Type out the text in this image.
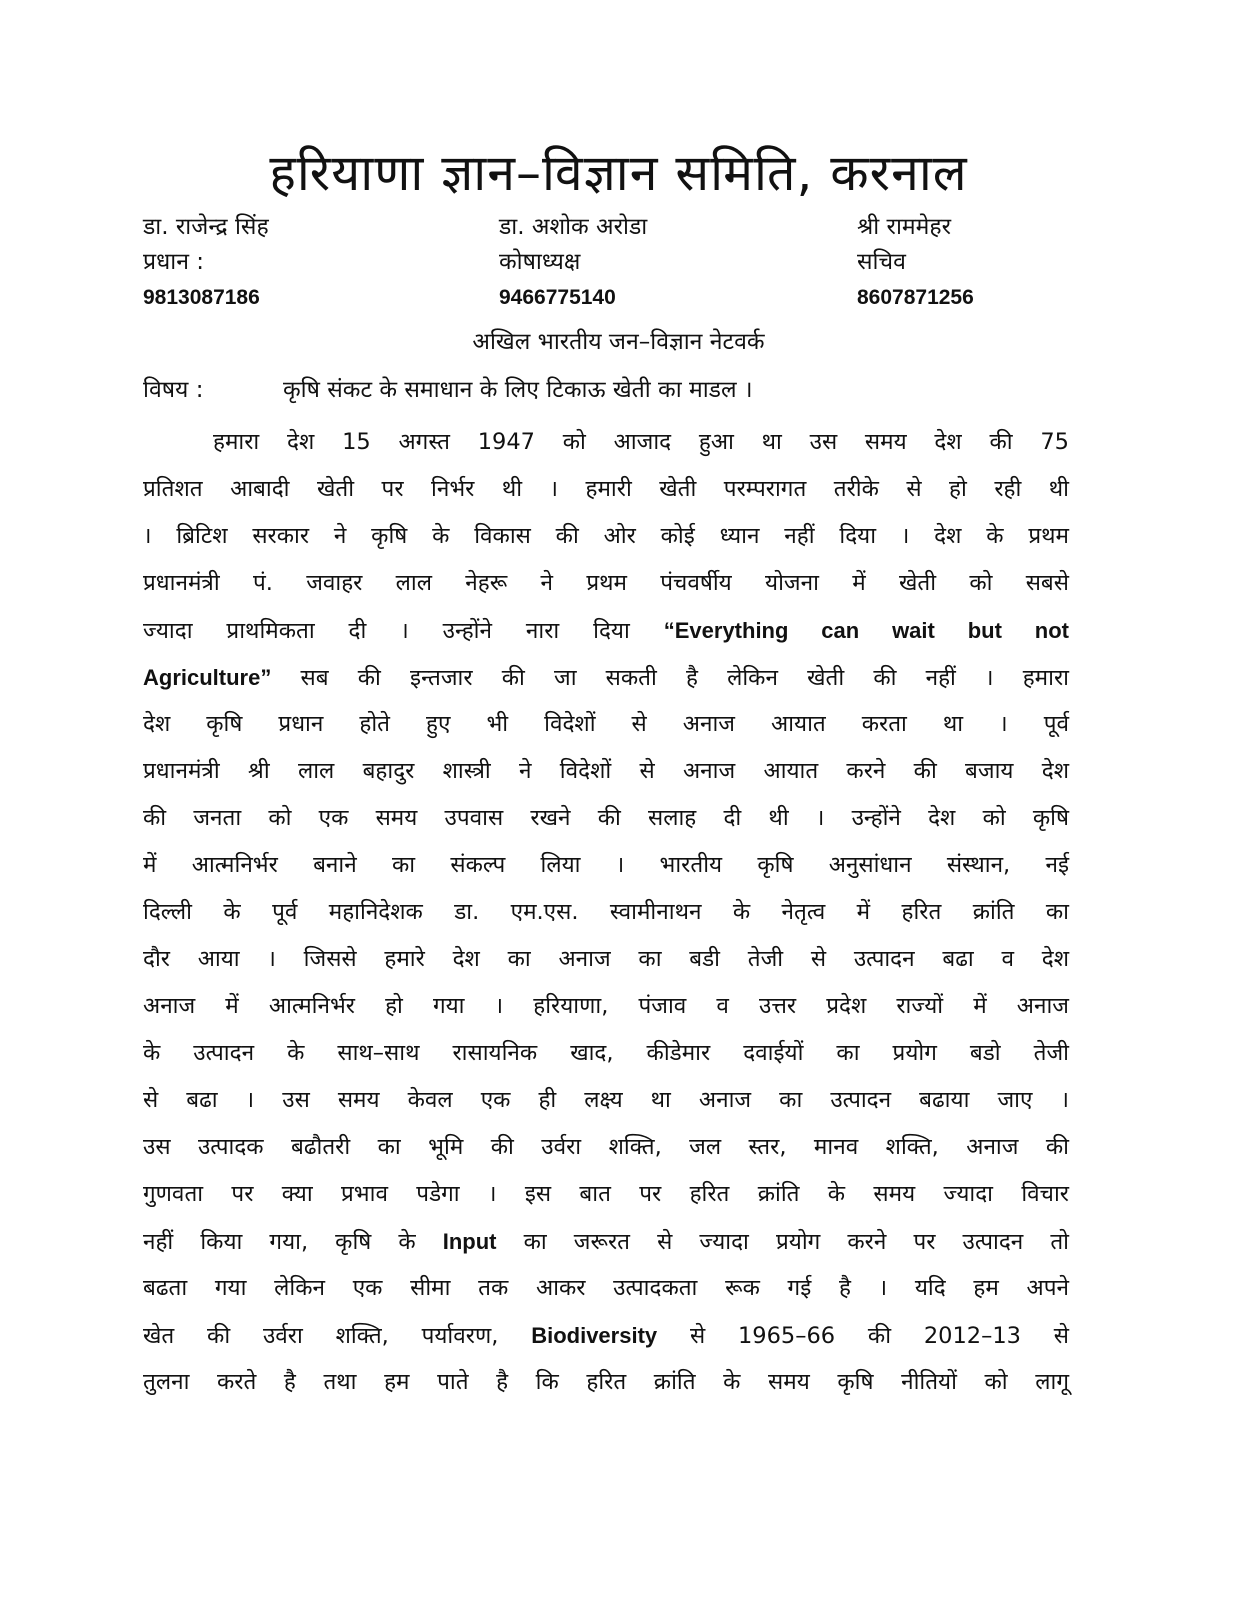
हरियाणा ज्ञान–विज्ञान समिति, करनाल
डा. राजेन्द्र सिंह
प्रधान :
9813087186
डा. अशोक अरोडा
कोषाध्यक्ष
9466775140
श्री राममेहर
सचिव
8607871256
अखिल भारतीय जन–विज्ञान नेटवर्क
विषय :	कृषि संकट के समाधान के लिए टिकाऊ खेती का माडल ।
हमारा देश 15 अगस्त 1947 को आजाद हुआ था उस समय देश की 75
प्रतिशत आबादी खेती पर निर्भर थी । हमारी खेती परम्परागत तरीके से हो रही थी
। ब्रिटिश सरकार ने कृषि के विकास की ओर कोई ध्यान नहीं दिया । देश के प्रथम
प्रधानमंत्री पं. जवाहर लाल नेहरू ने प्रथम पंचवर्षीय योजना में खेती को सबसे
ज्यादा प्राथमिकता दी । उन्होंने नारा दिया “Everything can wait but not
Agriculture” सब की इन्तजार की जा सकती है लेकिन खेती की नहीं । हमारा
देश कृषि प्रधान होते हुए भी विदेशों से अनाज आयात करता था । पूर्व
प्रधानमंत्री श्री लाल बहादुर शास्त्री ने विदेशों से अनाज आयात करने की बजाय देश
की जनता को एक समय उपवास रखने की सलाह दी थी । उन्होंने देश को कृषि
में आत्मनिर्भर बनाने का संकल्प लिया । भारतीय कृषि अनुसांधान संस्थान, नई
दिल्ली के पूर्व महानिदेशक डा. एम.एस. स्वामीनाथन के नेतृत्व में हरित क्रांति का
दौर आया । जिससे हमारे देश का अनाज का बडी तेजी से उत्पादन बढा व देश
अनाज में आत्मनिर्भर हो गया । हरियाणा, पंजाव व उत्तर प्रदेश राज्यों में अनाज
के उत्पादन के साथ–साथ रासायनिक खाद, कीडेमार दवाईयों का प्रयोग बडो तेजी
से बढा । उस समय केवल एक ही लक्ष्य था अनाज का उत्पादन बढाया जाए ।
उस उत्पादक बढौतरी का भूमि की उर्वरा शक्ति, जल स्तर, मानव शक्ति, अनाज की
गुणवता पर क्या प्रभाव पडेगा । इस बात पर हरित क्रांति के समय ज्यादा विचार
नहीं किया गया, कृषि के Input का जरूरत से ज्यादा प्रयोग करने पर उत्पादन तो
बढता गया लेकिन एक सीमा तक आकर उत्पादकता रूक गई है । यदि हम अपने
खेत की उर्वरा शक्ति, पर्यावरण, Biodiversity से 1965–66 की 2012–13 से
तुलना करते है तथा हम पाते है कि हरित क्रांति के समय कृषि नीतियों को लागू
